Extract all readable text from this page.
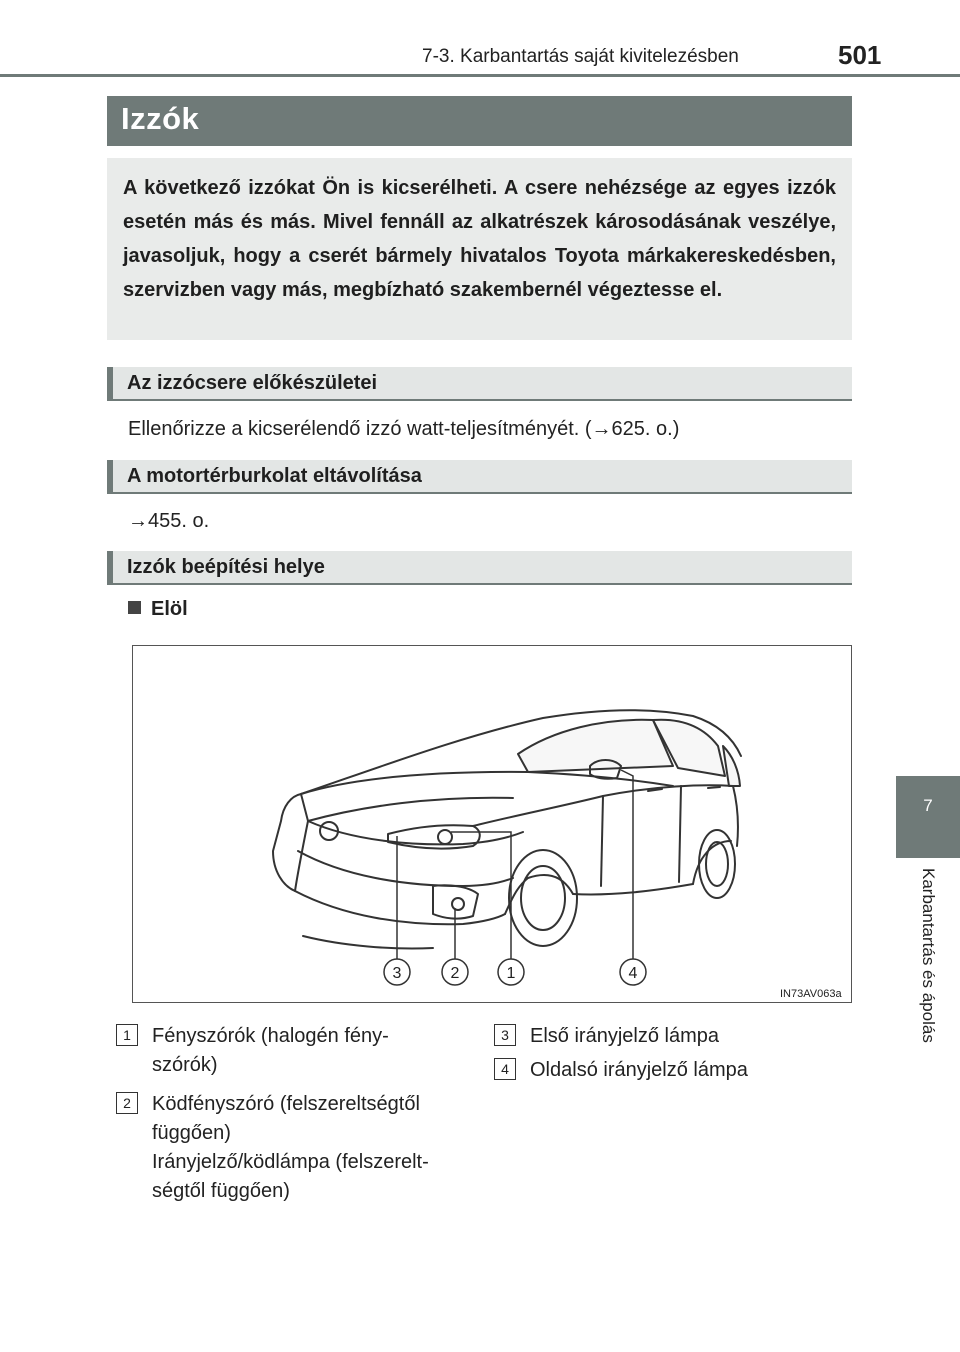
7-3. Karbantartás saját kivitelezésben	501
7
Karbantartás és ápolás
Izzók
A következő izzókat Ön is kicserélheti. A csere nehézsége az egyes izzók esetén más és más. Mivel fennáll az alkatrészek károsodásának veszélye, javasoljuk, hogy a cserét bármely hivatalos Toyota márkakereskedésben, szervizben vagy más, megbízható szakembernél végeztesse el.
Az izzócsere előkészületei
Ellenőrizze a kicserélendő izzó watt-teljesítményét. (→625. o.)
A motortérburkolat eltávolítása
→455. o.
Izzók beépítési helye
Elöl
3	2	1	4
IN73AV063a
1	Fényszórók (halogén fény-
szórók)
2	Ködfényszóró (felszereltségtől
függően)
Irányjelző/ködlámpa (felszerelt-
ségtől függően)
3	Első irányjelző lámpa
4	Oldalsó irányjelző lámpa
